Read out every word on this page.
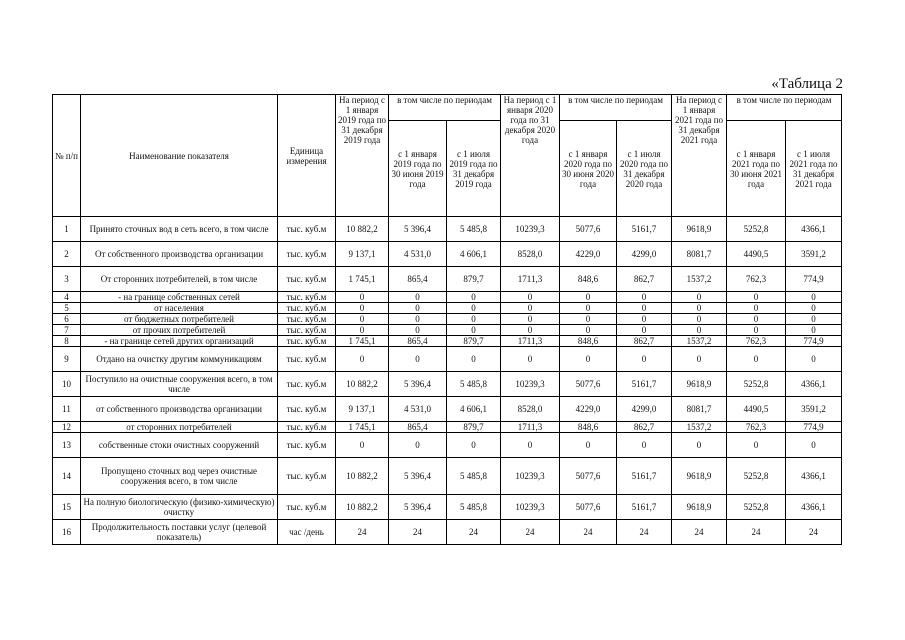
«Таблица 2
№ п/п	Наименование показателя	Единица измерения	На период с 1 января 2019 года по 31 декабря 2019 года	в том числе по периодам		На период с 1 января 2020 года по 31 декабря 2020 года	в том числе по периодам		На период с 1 января 2021 года по 31 декабря 2021 года	в том числе по периодам	
				с 1 января 2019 года по 30 июня 2019 года	с 1 июля 2019 года по 31 декабря 2019 года		с 1 января 2020 года по 30 июня 2020 года	с 1 июля 2020 года по 31 декабря 2020 года		с 1 января 2021 года по 30 июня 2021 года	с 1 июля 2021 года по 31 декабря 2021 года
1	Принято сточных вод в сеть всего, в том числе	тыс. куб.м	10 882,2	5 396,4	5 485,8	10239,3	5077,6	5161,7	9618,9	5252,8	4366,1
2	От собственного производства организации	тыс. куб.м	9 137,1	4 531,0	4 606,1	8528,0	4229,0	4299,0	8081,7	4490,5	3591,2
3	От сторонних потребителей, в том числе	тыс. куб.м	1 745,1	865,4	879,7	1711,3	848,6	862,7	1537,2	762,3	774,9
4	- на границе собственных сетей	тыс. куб.м	0	0	0	0	0	0	0	0	0
5	от населения	тыс. куб.м	0	0	0	0	0	0	0	0	0
6	от бюджетных потребителей	тыс. куб.м	0	0	0	0	0	0	0	0	0
7	от прочих потребителей	тыс. куб.м	0	0	0	0	0	0	0	0	0
8	- на границе сетей других организаций	тыс. куб.м	1 745,1	865,4	879,7	1711,3	848,6	862,7	1537,2	762,3	774,9
9	Отдано на очистку другим коммуникациям	тыс. куб.м	0	0	0	0	0	0	0	0	0
10	Поступило на очистные сооружения всего, в том числе	тыс. куб.м	10 882,2	5 396,4	5 485,8	10239,3	5077,6	5161,7	9618,9	5252,8	4366,1
11	от собственного производства организации	тыс. куб.м	9 137,1	4 531,0	4 606,1	8528,0	4229,0	4299,0	8081,7	4490,5	3591,2
12	от сторонних потребителей	тыс. куб.м	1 745,1	865,4	879,7	1711,3	848,6	862,7	1537,2	762,3	774,9
13	собственные стоки очистных сооружений	тыс. куб.м	0	0	0	0	0	0	0	0	0
14	Пропущено сточных вод через очистные сооружения всего, в том числе	тыс. куб.м	10 882,2	5 396,4	5 485,8	10239,3	5077,6	5161,7	9618,9	5252,8	4366,1
15	На полную биологическую (физико-химическую) очистку	тыс. куб.м	10 882,2	5 396,4	5 485,8	10239,3	5077,6	5161,7	9618,9	5252,8	4366,1
16	Продолжительность поставки услуг (целевой показатель)	час /день	24	24	24	24	24	24	24	24	24
